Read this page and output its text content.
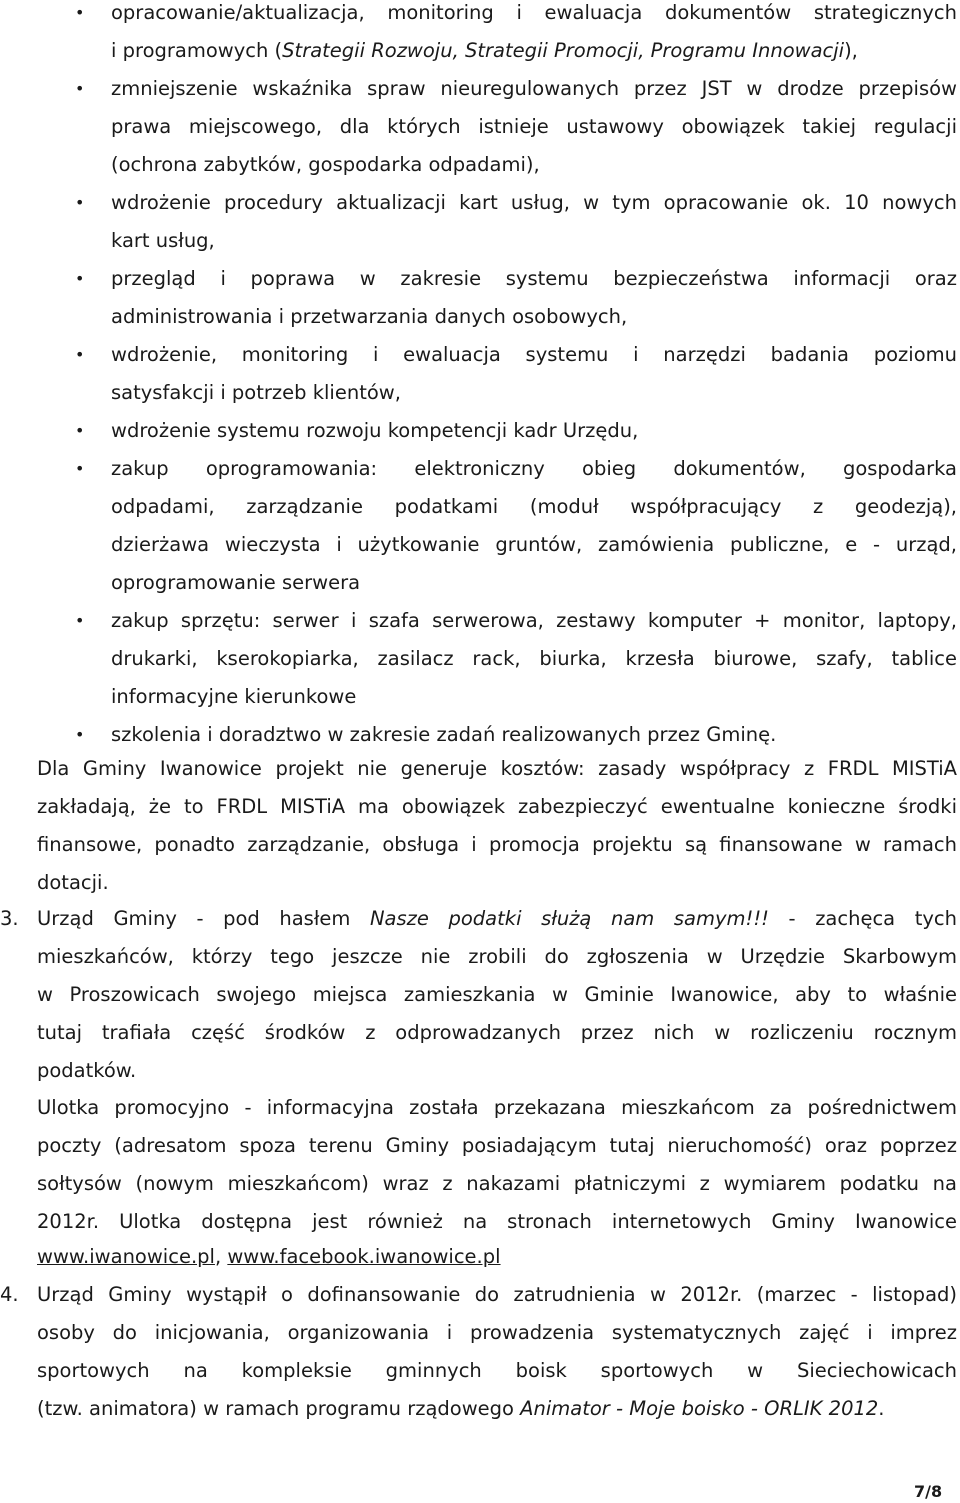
• opracowanie/aktualizacja, monitoring i ewaluacja dokumentów strategicznych
i programowych (Strategii Rozwoju, Strategii Promocji, Programu Innowacji),
• zmniejszenie wskaźnika spraw nieuregulowanych przez JST w drodze przepisów
prawa miejscowego, dla których istnieje ustawowy obowiązek takiej regulacji
(ochrona zabytków, gospodarka odpadami),
• wdrożenie procedury aktualizacji kart usług, w tym opracowanie ok. 10 nowych
kart usług,
• przegląd i poprawa w zakresie systemu bezpieczeństwa informacji oraz
administrowania i przetwarzania danych osobowych,
• wdrożenie, monitoring i ewaluacja systemu i narzędzi badania poziomu
satysfakcji i potrzeb klientów,
• wdrożenie systemu rozwoju kompetencji kadr Urzędu,
• zakup oprogramowania: elektroniczny obieg dokumentów, gospodarka
odpadami, zarządzanie podatkami (moduł współpracujący z geodezją),
dzierżawa wieczysta i użytkowanie gruntów, zamówienia publiczne, e - urząd,
oprogramowanie serwera
• zakup sprzętu: serwer i szafa serwerowa, zestawy komputer + monitor, laptopy,
drukarki, kserokopiarka, zasilacz rack, biurka, krzesła biurowe, szafy, tablice
informacyjne kierunkowe
• szkolenia i doradztwo w zakresie zadań realizowanych przez Gminę.
Dla Gminy Iwanowice projekt nie generuje kosztów: zasady współpracy z FRDL MISTiA
zakładają, że to FRDL MISTiA ma obowiązek zabezpieczyć ewentualne konieczne środki
finansowe, ponadto zarządzanie, obsługa i promocja projektu są finansowane w ramach
dotacji.
3. Urząd Gminy - pod hasłem Nasze podatki służą nam samym!!! - zachęca tych
mieszkańców, którzy tego jeszcze nie zrobili do zgłoszenia w Urzędzie Skarbowym
w Proszowicach swojego miejsca zamieszkania w Gminie Iwanowice, aby to właśnie
tutaj trafiała część środków z odprowadzanych przez nich w rozliczeniu rocznym
podatków.
Ulotka promocyjno - informacyjna została przekazana mieszkańcom za pośrednictwem
poczty (adresatom spoza terenu Gminy posiadającym tutaj nieruchomość) oraz poprzez
sołtysów (nowym mieszkańcom) wraz z nakazami płatniczymi z wymiarem podatku na
2012r. Ulotka dostępna jest również na stronach internetowych Gminy Iwanowice
www.iwanowice.pl, www.facebook.iwanowice.pl
4. Urząd Gminy wystąpił o dofinansowanie do zatrudnienia w 2012r. (marzec - listopad)
osoby do inicjowania, organizowania i prowadzenia systematycznych zajęć i imprez
sportowych na kompleksie gminnych boisk sportowych w Sieciechowicach
(tzw. animatora) w ramach programu rządowego Animator - Moje boisko - ORLIK 2012.
7/8
